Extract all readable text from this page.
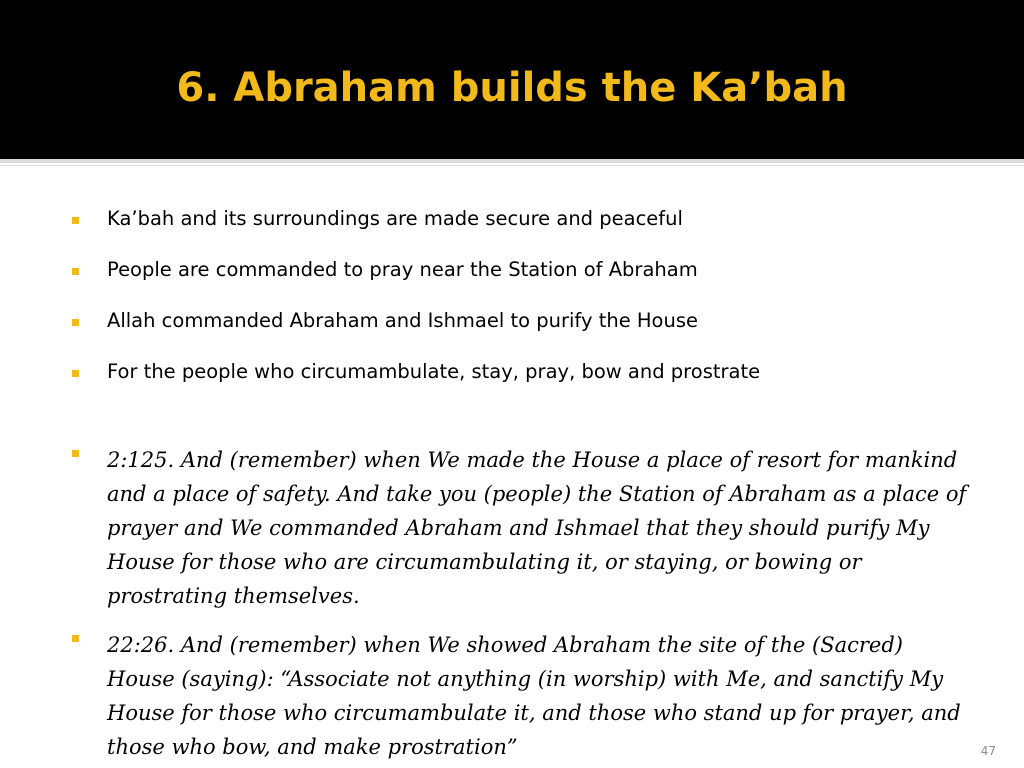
6. Abraham builds the Ka’bah
Ka’bah and its surroundings are made secure and peaceful
People are commanded to pray near the Station of Abraham
Allah commanded Abraham and Ishmael to purify the House
For the people who circumambulate, stay, pray, bow and prostrate
2:125. And (remember) when We made the House a place of resort for mankind and a place of safety. And take you (people) the Station of Abraham as a place of prayer and We commanded Abraham and Ishmael that they should purify My House for those who are circumambulating it, or staying, or bowing or prostrating themselves.
22:26. And (remember) when We showed Abraham the site of the (Sacred) House (saying): “Associate not anything (in worship) with Me, and sanctify My House for those who circumambulate it, and those who stand up for prayer, and those who bow, and make prostration”	47
